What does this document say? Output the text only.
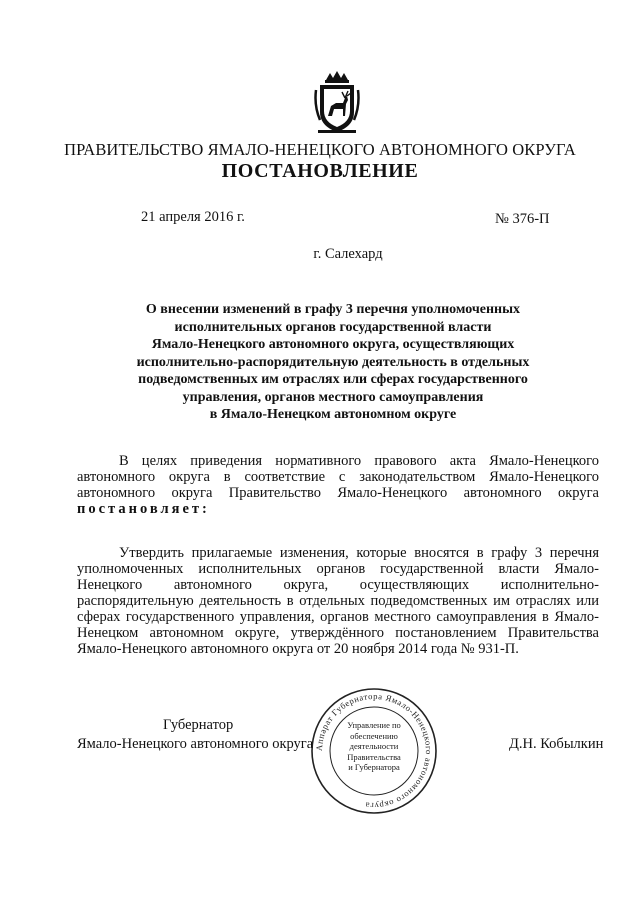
ПРАВИТЕЛЬСТВО ЯМАЛО-НЕНЕЦКОГО АВТОНОМНОГО ОКРУГА
ПОСТАНОВЛЕНИЕ
21 апреля 2016 г.	№ 376-П
г. Салехард
О внесении изменений в графу 3 перечня уполномоченных
исполнительных органов государственной власти
Ямало-Ненецкого автономного округа, осуществляющих
исполнительно-распорядительную деятельность в отдельных
подведомственных им отраслях или сферах государственного
управления, органов местного самоуправления
в Ямало-Ненецком автономном округе
В целях приведения нормативного правового акта Ямало-Ненецкого
автономного округа в соответствие с законодательством Ямало-Ненецкого
автономного округа Правительство Ямало-Ненецкого автономного округа
постановляет:
Утвердить прилагаемые изменения, которые вносятся в графу 3 перечня
уполномоченных исполнительных органов государственной власти Ямало-
Ненецкого автономного округа, осуществляющих исполнительно-
распорядительную деятельность в отдельных подведомственных им отраслях или
сферах государственного управления, органов местного самоуправления в Ямало-
Ненецком автономном округе, утверждённого постановлением Правительства
Ямало-Ненецкого автономного округа от 20 ноября 2014 года № 931-П.
Аппарат Губернатора Ямало-Ненецкого автономного округа
Управление по
обеспечению
деятельности
Правительства
и Губернатора
Губернатор
Ямало-Ненецкого автономного округа	Д.Н. Кобылкин
